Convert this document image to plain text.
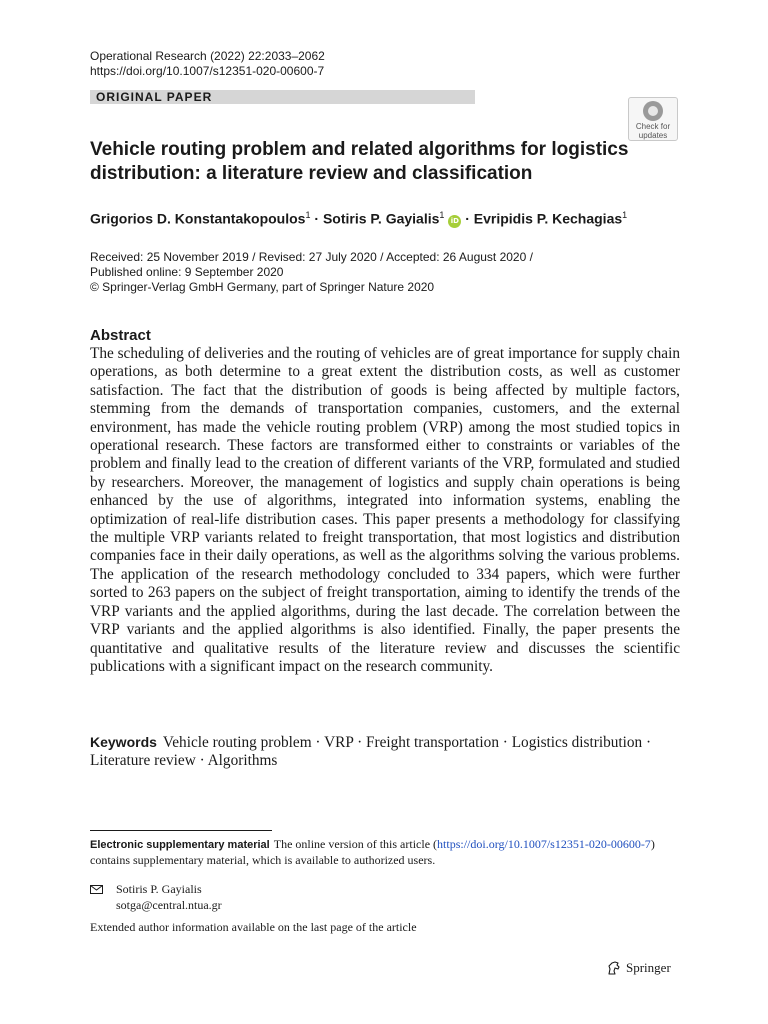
Operational Research (2022) 22:2033–2062
https://doi.org/10.1007/s12351-020-00600-7
ORIGINAL PAPER
Check for
updates
Vehicle routing problem and related algorithms for logistics distribution: a literature review and classification
Grigorios D. Konstantakopoulos$^1$ · Sotiris P. Gayialis$^1$ iD · Evripidis P. Kechagias$^1$
Received: 25 November 2019 / Revised: 27 July 2020 / Accepted: 26 August 2020 /
Published online: 9 September 2020
© Springer-Verlag GmbH Germany, part of Springer Nature 2020
Abstract
The scheduling of deliveries and the routing of vehicles are of great importance for supply chain operations, as both determine to a great extent the distribution costs, as well as customer satisfaction. The fact that the distribution of goods is being affected by multiple factors, stemming from the demands of transportation companies, customers, and the external environment, has made the vehicle routing problem (VRP) among the most studied topics in operational research. These factors are transformed either to constraints or variables of the problem and finally lead to the creation of different variants of the VRP, formulated and studied by researchers. Moreover, the management of logistics and supply chain operations is being enhanced by the use of algorithms, integrated into information systems, enabling the optimization of real-life distribution cases. This paper presents a methodology for classifying the multiple VRP variants related to freight transportation, that most logistics and distribution companies face in their daily operations, as well as the algorithms solving the various problems. The application of the research methodology concluded to 334 papers, which were further sorted to 263 papers on the subject of freight transportation, aiming to identify the trends of the VRP variants and the applied algorithms, during the last decade. The correlation between the VRP variants and the applied algorithms is also identified. Finally, the paper presents the quantitative and qualitative results of the literature review and discusses the scientific publications with a significant impact on the research community.
Keywords Vehicle routing problem · VRP · Freight transportation · Logistics distribution · Literature review · Algorithms
Electronic supplementary material The online version of this article (https://doi.org/10.1007/s12351-020-00600-7) contains supplementary material, which is available to authorized users.
Sotiris P. Gayialis
sotga@central.ntua.gr
Extended author information available on the last page of the article
Springer
